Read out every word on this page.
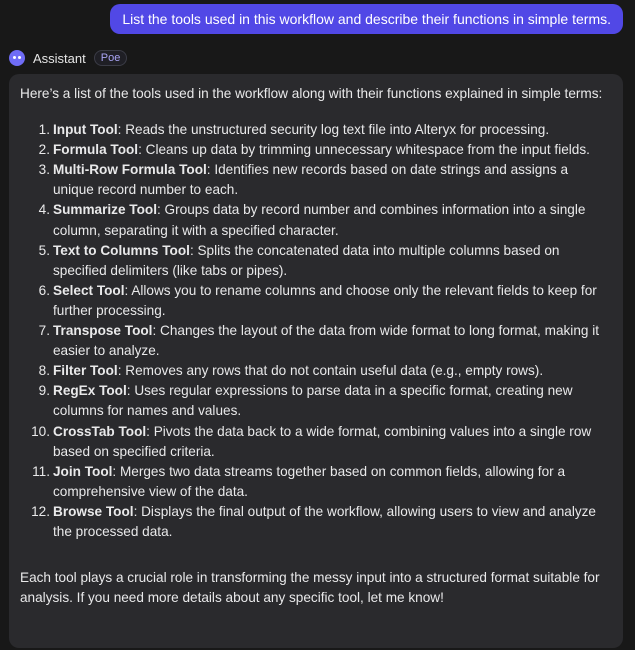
List the tools used in this workflow and describe their functions in simple terms.
Assistant	Poe

Here’s a list of the tools used in the workflow along with their functions explained in simple terms:

1. Input Tool: Reads the unstructured security log text file into Alteryx for processing.
2. Formula Tool: Cleans up data by trimming unnecessary whitespace from the input fields.
3. Multi-Row Formula Tool: Identifies new records based on date strings and assigns a unique record number to each.
4. Summarize Tool: Groups data by record number and combines information into a single column, separating it with a specified character.
5. Text to Columns Tool: Splits the concatenated data into multiple columns based on specified delimiters (like tabs or pipes).
6. Select Tool: Allows you to rename columns and choose only the relevant fields to keep for further processing.
7. Transpose Tool: Changes the layout of the data from wide format to long format, making it easier to analyze.
8. Filter Tool: Removes any rows that do not contain useful data (e.g., empty rows).
9. RegEx Tool: Uses regular expressions to parse data in a specific format, creating new columns for names and values.
10. CrossTab Tool: Pivots the data back to a wide format, combining values into a single row based on specified criteria.
11. Join Tool: Merges two data streams together based on common fields, allowing for a comprehensive view of the data.
12. Browse Tool: Displays the final output of the workflow, allowing users to view and analyze the processed data.

Each tool plays a crucial role in transforming the messy input into a structured format suitable for analysis. If you need more details about any specific tool, let me know!
